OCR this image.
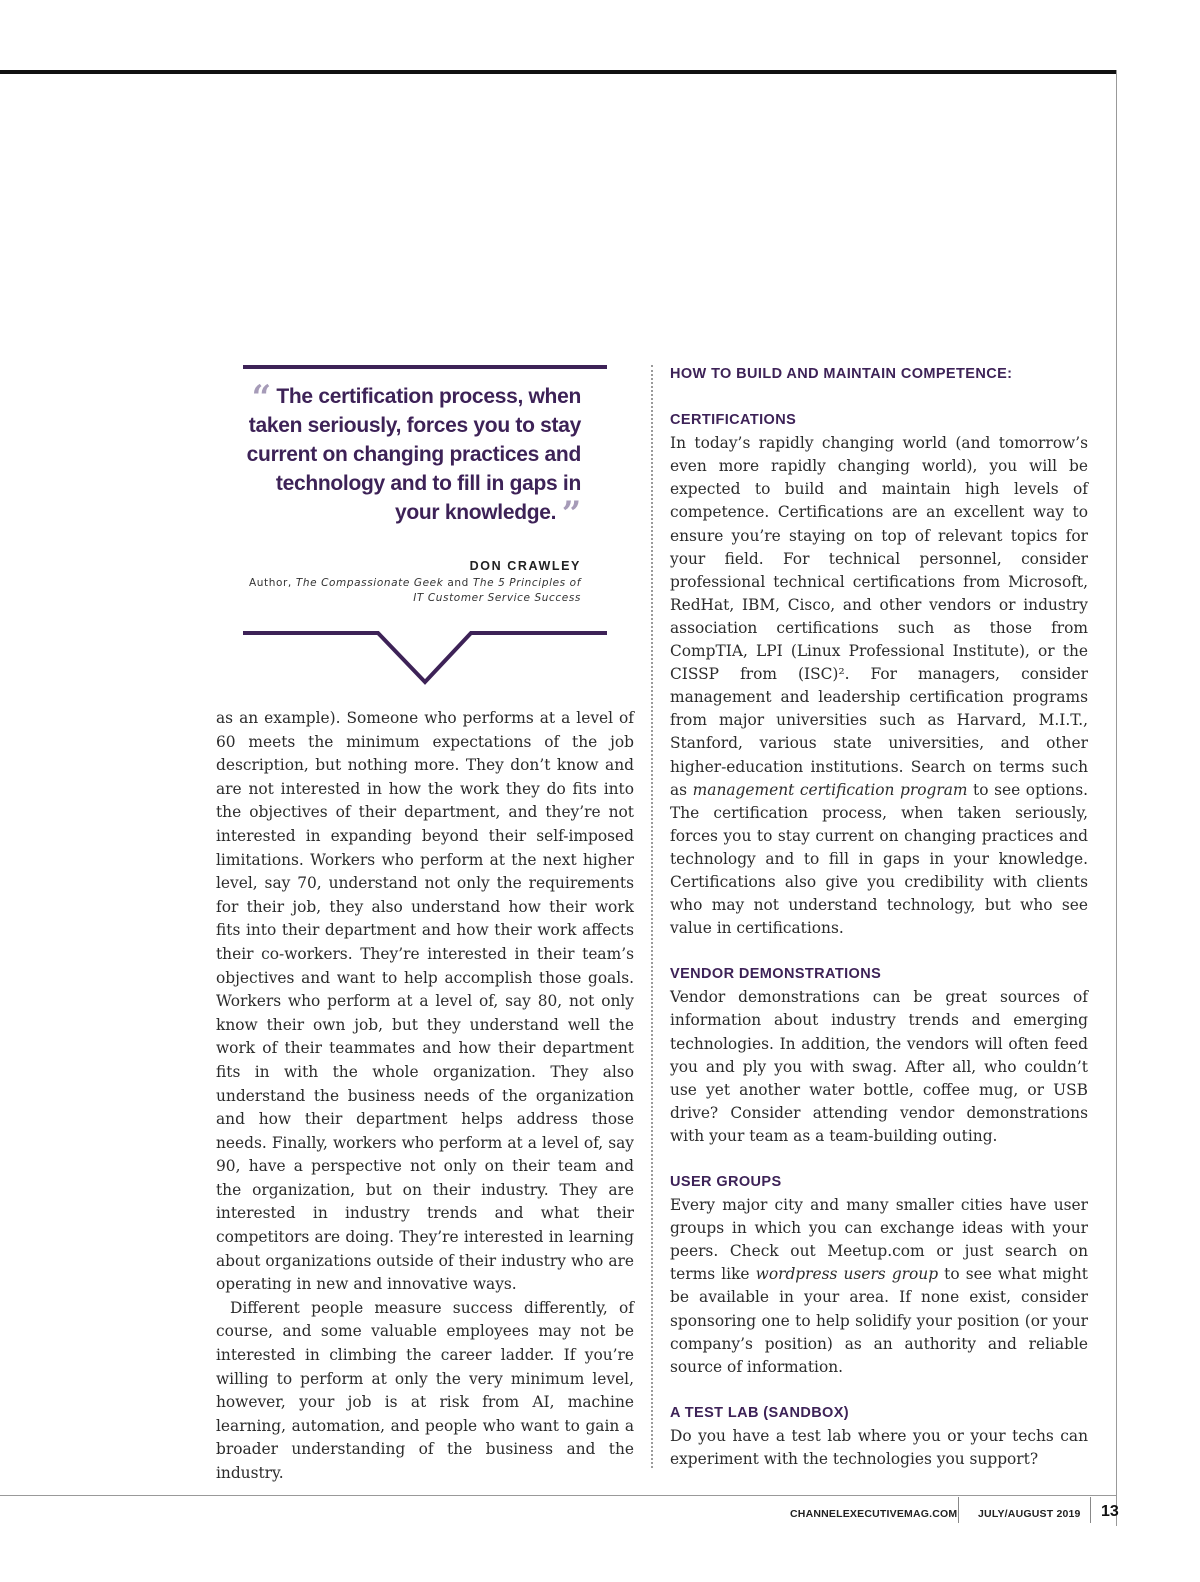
“ The certification process, when taken seriously, forces you to stay current on changing practices and technology and to fill in gaps in your knowledge. ”
DON CRAWLEY
Author, The Compassionate Geek and The 5 Principles of IT Customer Service Success

as an example). Someone who performs at a level of 60 meets the minimum expectations of the job description, but nothing more. They don’t know and are not interested in how the work they do fits into the objectives of their department, and they’re not interested in expanding beyond their self-imposed limitations. Workers who perform at the next higher level, say 70, understand not only the requirements for their job, they also understand how their work fits into their department and how their work affects their co-workers. They’re interested in their team’s objectives and want to help accomplish those goals. Workers who perform at a level of, say 80, not only know their own job, but they understand well the work of their teammates and how their department fits in with the whole organization. They also understand the business needs of the organization and how their department helps address those needs. Finally, workers who perform at a level of, say 90, have a perspective not only on their team and the organization, but on their industry. They are interested in industry trends and what their competitors are doing. They’re interested in learning about organizations outside of their industry who are operating in new and innovative ways.

Different people measure success differently, of course, and some valuable employees may not be interested in climbing the career ladder. If you’re willing to perform at only the very minimum level, however, your job is at risk from AI, machine learning, automation, and people who want to gain a broader understanding of the business and the industry.

HOW TO BUILD AND MAINTAIN COMPETENCE:
CERTIFICATIONS

In today’s rapidly changing world (and tomorrow’s even more rapidly changing world), you will be expected to build and maintain high levels of competence. Certifications are an excellent way to ensure you’re staying on top of relevant topics for your field. For technical personnel, consider professional technical certifications from Microsoft, RedHat, IBM, Cisco, and other vendors or industry association certifications such as those from CompTIA, LPI (Linux Professional Institute), or the CISSP from (ISC)². For managers, consider management and leadership certification programs from major universities such as Harvard, M.I.T., Stanford, various state universities, and other higher-education institutions. Search on terms such as management certification program to see options. The certification process, when taken seriously, forces you to stay current on changing practices and technology and to fill in gaps in your knowledge. Certifications also give you credibility with clients who may not understand technology, but who see value in certifications.

VENDOR DEMONSTRATIONS

Vendor demonstrations can be great sources of information about industry trends and emerging technologies. In addition, the vendors will often feed you and ply you with swag. After all, who couldn’t use yet another water bottle, coffee mug, or USB drive? Consider attending vendor demonstrations with your team as a team-building outing.

USER GROUPS

Every major city and many smaller cities have user groups in which you can exchange ideas with your peers. Check out Meetup.com or just search on terms like wordpress users group to see what might be available in your area. If none exist, consider sponsoring one to help solidify your position (or your company’s position) as an authority and reliable source of information.

A TEST LAB (SANDBOX)

Do you have a test lab where you or your techs can experiment with the technologies you support?

CHANNELEXECUTIVEMAG.COM JULY/AUGUST 2019 13
